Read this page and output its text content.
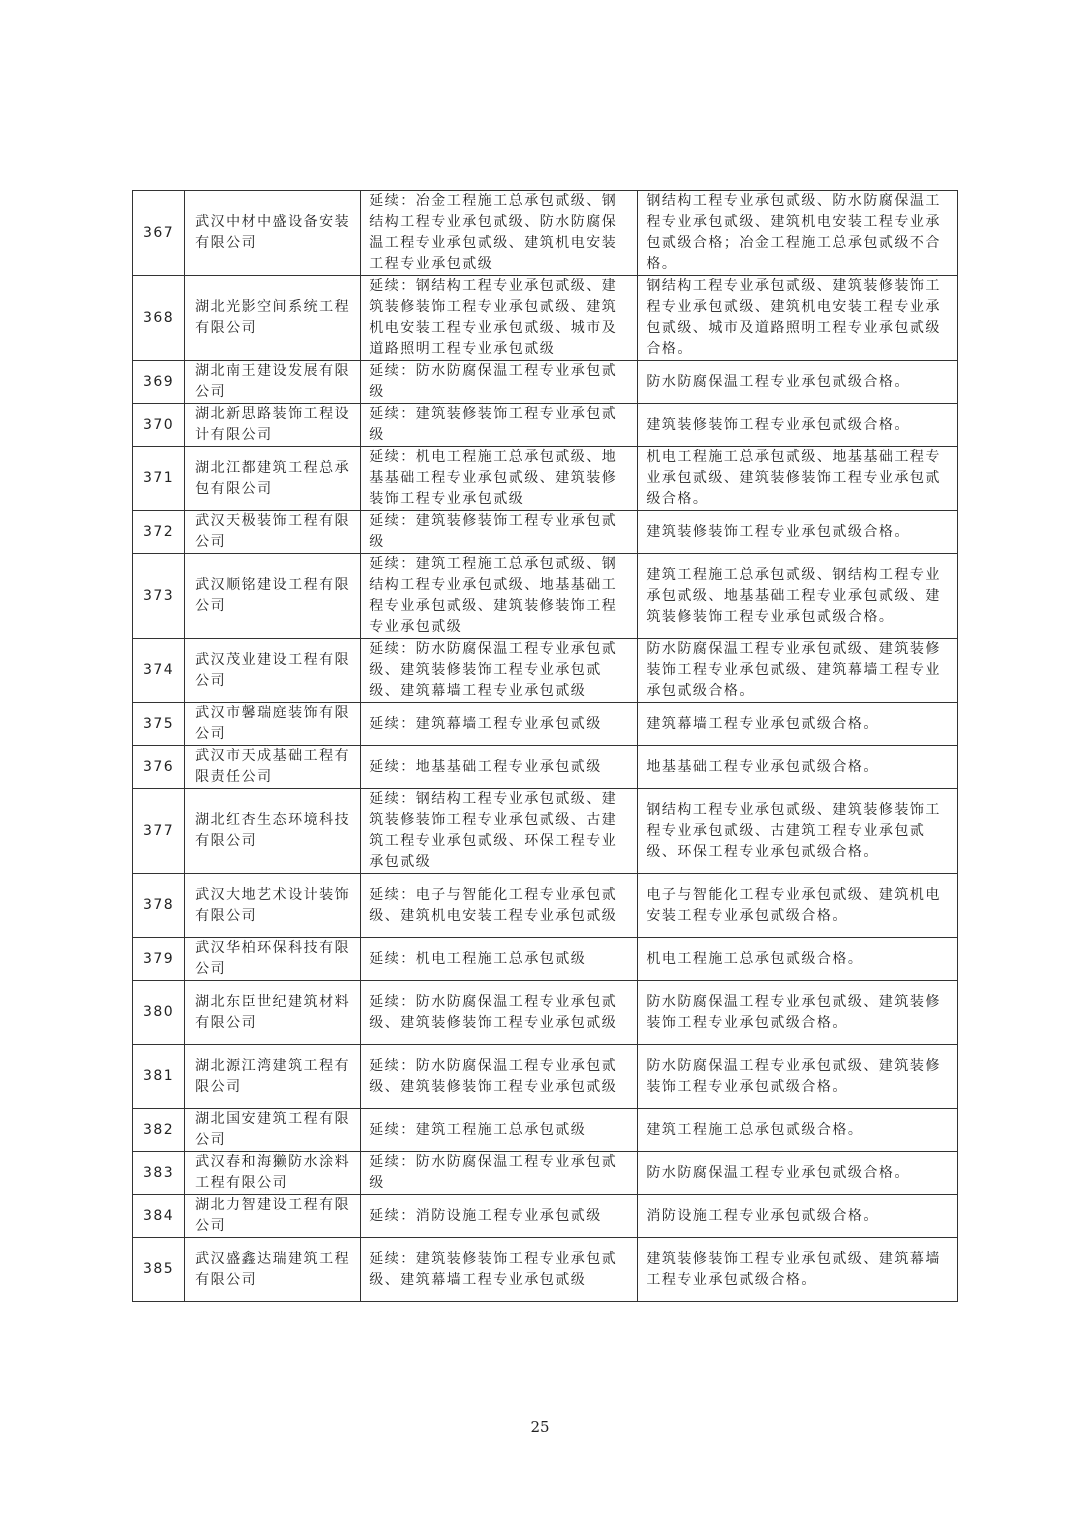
367	武汉中材中盛设备安装有限公司	延续：冶金工程施工总承包贰级、钢结构工程专业承包贰级、防水防腐保温工程专业承包贰级、建筑机电安装工程专业承包贰级	钢结构工程专业承包贰级、防水防腐保温工程专业承包贰级、建筑机电安装工程专业承包贰级合格；冶金工程施工总承包贰级不合格。
368	湖北光影空间系统工程有限公司	延续：钢结构工程专业承包贰级、建筑装修装饰工程专业承包贰级、建筑机电安装工程专业承包贰级、城市及道路照明工程专业承包贰级	钢结构工程专业承包贰级、建筑装修装饰工程专业承包贰级、建筑机电安装工程专业承包贰级、城市及道路照明工程专业承包贰级合格。
369	湖北南王建设发展有限公司	延续：防水防腐保温工程专业承包贰级	防水防腐保温工程专业承包贰级合格。
370	湖北新思路装饰工程设计有限公司	延续：建筑装修装饰工程专业承包贰级	建筑装修装饰工程专业承包贰级合格。
371	湖北江都建筑工程总承包有限公司	延续：机电工程施工总承包贰级、地基基础工程专业承包贰级、建筑装修装饰工程专业承包贰级	机电工程施工总承包贰级、地基基础工程专业承包贰级、建筑装修装饰工程专业承包贰级合格。
372	武汉天极装饰工程有限公司	延续：建筑装修装饰工程专业承包贰级	建筑装修装饰工程专业承包贰级合格。
373	武汉顺铭建设工程有限公司	延续：建筑工程施工总承包贰级、钢结构工程专业承包贰级、地基基础工程专业承包贰级、建筑装修装饰工程专业承包贰级	建筑工程施工总承包贰级、钢结构工程专业承包贰级、地基基础工程专业承包贰级、建筑装修装饰工程专业承包贰级合格。
374	武汉茂业建设工程有限公司	延续：防水防腐保温工程专业承包贰级、建筑装修装饰工程专业承包贰级、建筑幕墙工程专业承包贰级	防水防腐保温工程专业承包贰级、建筑装修装饰工程专业承包贰级、建筑幕墙工程专业承包贰级合格。
375	武汉市馨瑞庭装饰有限公司	延续：建筑幕墙工程专业承包贰级	建筑幕墙工程专业承包贰级合格。
376	武汉市天成基础工程有限责任公司	延续：地基基础工程专业承包贰级	地基基础工程专业承包贰级合格。
377	湖北红杏生态环境科技有限公司	延续：钢结构工程专业承包贰级、建筑装修装饰工程专业承包贰级、古建筑工程专业承包贰级、环保工程专业承包贰级	钢结构工程专业承包贰级、建筑装修装饰工程专业承包贰级、古建筑工程专业承包贰级、环保工程专业承包贰级合格。
378	武汉大地艺术设计装饰有限公司	延续：电子与智能化工程专业承包贰级、建筑机电安装工程专业承包贰级	电子与智能化工程专业承包贰级、建筑机电安装工程专业承包贰级合格。
379	武汉华柏环保科技有限公司	延续：机电工程施工总承包贰级	机电工程施工总承包贰级合格。
380	湖北东臣世纪建筑材料有限公司	延续：防水防腐保温工程专业承包贰级、建筑装修装饰工程专业承包贰级	防水防腐保温工程专业承包贰级、建筑装修装饰工程专业承包贰级合格。
381	湖北源江湾建筑工程有限公司	延续：防水防腐保温工程专业承包贰级、建筑装修装饰工程专业承包贰级	防水防腐保温工程专业承包贰级、建筑装修装饰工程专业承包贰级合格。
382	湖北国安建筑工程有限公司	延续：建筑工程施工总承包贰级	建筑工程施工总承包贰级合格。
383	武汉春和海獭防水涂料工程有限公司	延续：防水防腐保温工程专业承包贰级	防水防腐保温工程专业承包贰级合格。
384	湖北力智建设工程有限公司	延续：消防设施工程专业承包贰级	消防设施工程专业承包贰级合格。
385	武汉盛鑫达瑞建筑工程有限公司	延续：建筑装修装饰工程专业承包贰级、建筑幕墙工程专业承包贰级	建筑装修装饰工程专业承包贰级、建筑幕墙工程专业承包贰级合格。
25
